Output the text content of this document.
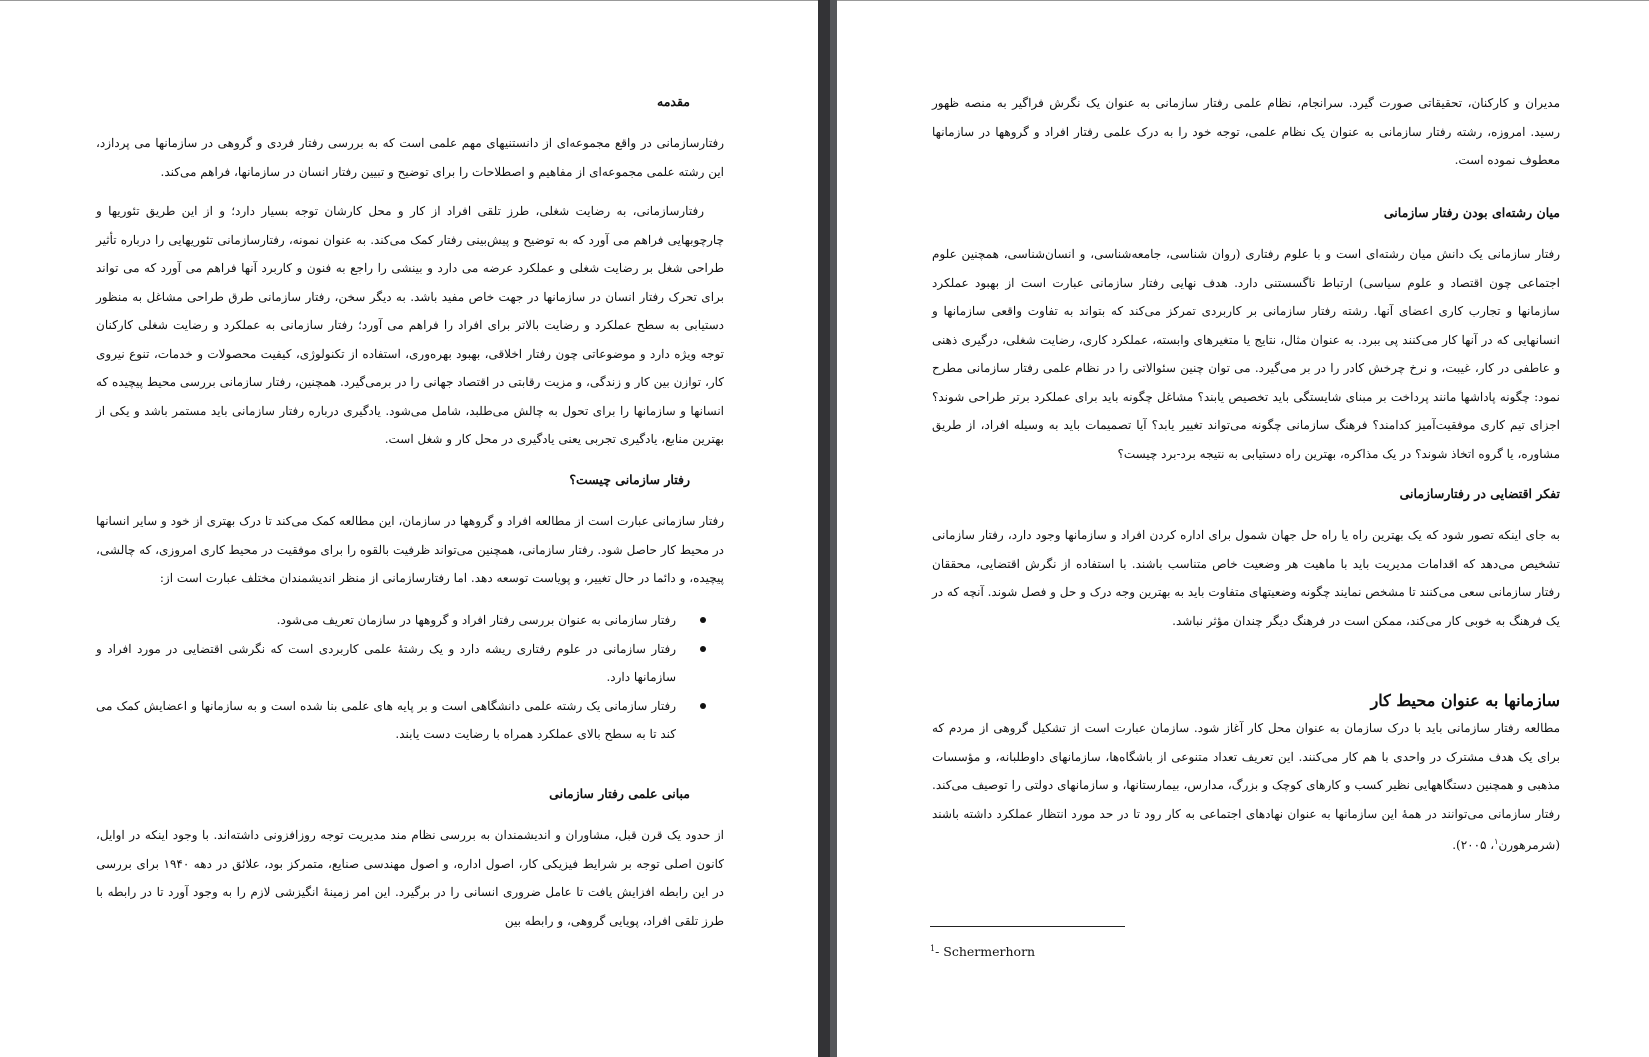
مقدمه

رفتارسازمانی در واقع مجموعه‌ای از دانستنیهای مهم علمی است که به بررسی رفتار فردی و گروهی در سازمانها می پردازد، این رشته علمی مجموعه‌ای از مفاهیم و اصطلاحات را برای توضیح و تبیین رفتار انسان در سازمانها، فراهم می‌کند.

رفتارسازمانی، به رضایت شغلی، طرز تلقی افراد از کار و محل کارشان توجه بسیار دارد؛ و از این طریق تئوریها و چارچوبهایی فراهم می آورد که به توضیح و پیش‌بینی رفتار کمک می‌کند. به عنوان نمونه، رفتارسازمانی تئوریهایی را درباره تأثیر طراحی شغل بر رضایت شغلی و عملکرد عرضه می دارد و بینشی را راجع به فنون و کاربرد آنها فراهم می آورد که می تواند برای تحرک رفتار انسان در سازمانها در جهت خاص مفید باشد. به دیگر سخن، رفتار سازمانی طرق طراحی مشاغل به منظور دستیابی به سطح عملکرد و رضایت بالاتر برای افراد را فراهم می آورد؛ رفتار سازمانی به عملکرد و رضایت شغلی کارکنان توجه ویژه دارد و موضوعاتی چون رفتار اخلاقی، بهبود بهره‌وری، استفاده از تکنولوژی، کیفیت محصولات و خدمات، تنوع نیروی کار، توازن بین کار و زندگی، و مزیت رقابتی در اقتصاد جهانی را در برمی‌گیرد. همچنین، رفتار سازمانی بررسی محیط پیچیده که انسانها و سازمانها را برای تحول به چالش می‌طلبد، شامل می‌شود. یادگیری درباره رفتار سازمانی باید مستمر باشد و یکی از بهترین منابع، یادگیری تجربی یعنی یادگیری در محل کار و شغل است.

رفتار سازمانی چیست؟

رفتار سازمانی عبارت است از مطالعه افراد و گروهها در سازمان، این مطالعه کمک می‌کند تا درک بهتری از خود و سایر انسانها در محیط کار حاصل شود. رفتار سازمانی، همچنین می‌تواند ظرفیت بالقوه را برای موفقیت در محیط کاری امروزی، که چالشی، پیچیده، و دائما در حال تغییر، و پویاست توسعه دهد. اما رفتارسازمانی از منظر اندیشمندان مختلف عبارت است از:

رفتار سازمانی به عنوان بررسی رفتار افراد و گروهها در سازمان تعریف می‌شود.
رفتار سازمانی در علوم رفتاری ریشه دارد و یک رشتهٔ علمی کاربردی است که نگرشی اقتضایی در مورد افراد و سازمانها دارد.
رفتار سازمانی یک رشته علمی دانشگاهی است و بر پایه های علمی بنا شده است و به سازمانها و اعضایش کمک می کند تا به سطح بالای عملکرد همراه با رضایت دست یابند.
مبانی علمی رفتار سازمانی

از حدود یک قرن قبل، مشاوران و اندیشمندان به بررسی نظام مند مدیریت توجه روزافزونی داشته‌اند. با وجود اینکه در اوایل، کانون اصلی توجه بر شرایط فیزیکی کار، اصول اداره، و اصول مهندسی صنایع، متمرکز بود، علائق در دهه ۱۹۴۰ برای بررسی در این رابطه افزایش یافت تا عامل ضروری انسانی را در برگیرد. این امر زمینهٔ انگیزشی لازم را به وجود آورد تا در رابطه با طرز تلقی افراد، پویایی گروهی، و رابطه بین

مدیران و کارکنان، تحقیقاتی صورت گیرد. سرانجام، نظام علمی رفتار سازمانی به عنوان یک نگرش فراگیر به منصه ظهور رسید. امروزه، رشته رفتار سازمانی به عنوان یک نظام علمی، توجه خود را به درک علمی رفتار افراد و گروهها در سازمانها معطوف نموده است.

میان رشته‌ای بودن رفتار سازمانی

رفتار سازمانی یک دانش میان رشته‌ای است و با علوم رفتاری (روان شناسی، جامعه‌شناسی، و انسان‌شناسی، همچنین علوم اجتماعی چون اقتصاد و علوم سیاسی) ارتباط ناگسستنی دارد. هدف نهایی رفتار سازمانی عبارت است از بهبود عملکرد سازمانها و تجارب کاری اعضای آنها. رشته رفتار سازمانی بر کاربردی تمرکز می‌کند که بتواند به تفاوت واقعی سازمانها و انسانهایی که در آنها کار می‌کنند پی ببرد. به عنوان مثال، نتایج یا متغیرهای وابسته، عملکرد کاری، رضایت شغلی، درگیری ذهنی و عاطفی در کار، غیبت، و نرخ چرخش کادر را در بر می‌گیرد. می توان چنین سئوالاتی را در نظام علمی رفتار سازمانی مطرح نمود: چگونه پاداشها مانند پرداخت بر مبنای شایستگی باید تخصیص یابند؟ مشاغل چگونه باید برای عملکرد برتر طراحی شوند؟ اجزای تیم کاری موفقیت‌آمیز کدامند؟ فرهنگ سازمانی چگونه می‌تواند تغییر یابد؟ آیا تصمیمات باید به وسیله افراد، از طریق مشاوره، یا گروه اتخاذ شوند؟ در یک مذاکره، بهترین راه دستیابی به نتیجه برد-برد چیست؟

تفکر اقتضایی در رفتارسازمانی

به جای اینکه تصور شود که یک بهترین راه یا راه حل جهان شمول برای اداره کردن افراد و سازمانها وجود دارد، رفتار سازمانی تشخیص می‌دهد که اقدامات مدیریت باید با ماهیت هر وضعیت خاص متناسب باشند. با استفاده از نگرش اقتضایی، محققان رفتار سازمانی سعی می‌کنند تا مشخص نمایند چگونه وضعیتهای متفاوت باید به بهترین وجه درک و حل و فصل شوند. آنچه که در یک فرهنگ به خوبی کار می‌کند، ممکن است در فرهنگ دیگر چندان مؤثر نباشد.

سازمانها به عنوان محیط کار

مطالعه رفتار سازمانی باید با درک سازمان به عنوان محل کار آغاز شود. سازمان عبارت است از تشکیل گروهی از مردم که برای یک هدف مشترک در واحدی با هم کار می‌کنند. این تعریف تعداد متنوعی از باشگاه‌ها، سازمانهای داوطلبانه، و مؤسسات مذهبی و همچنین دستگاههایی نظیر کسب و کارهای کوچک و بزرگ، مدارس، بیمارستانها، و سازمانهای دولتی را توصیف می‌کند. رفتار سازمانی می‌توانند در همهٔ این سازمانها به عنوان نهادهای اجتماعی به کار رود تا در حد مورد انتظار عملکرد داشته باشند (شرمرهورن$^۱$، ۲۰۰۵).

$^1$- Schermerhorn
